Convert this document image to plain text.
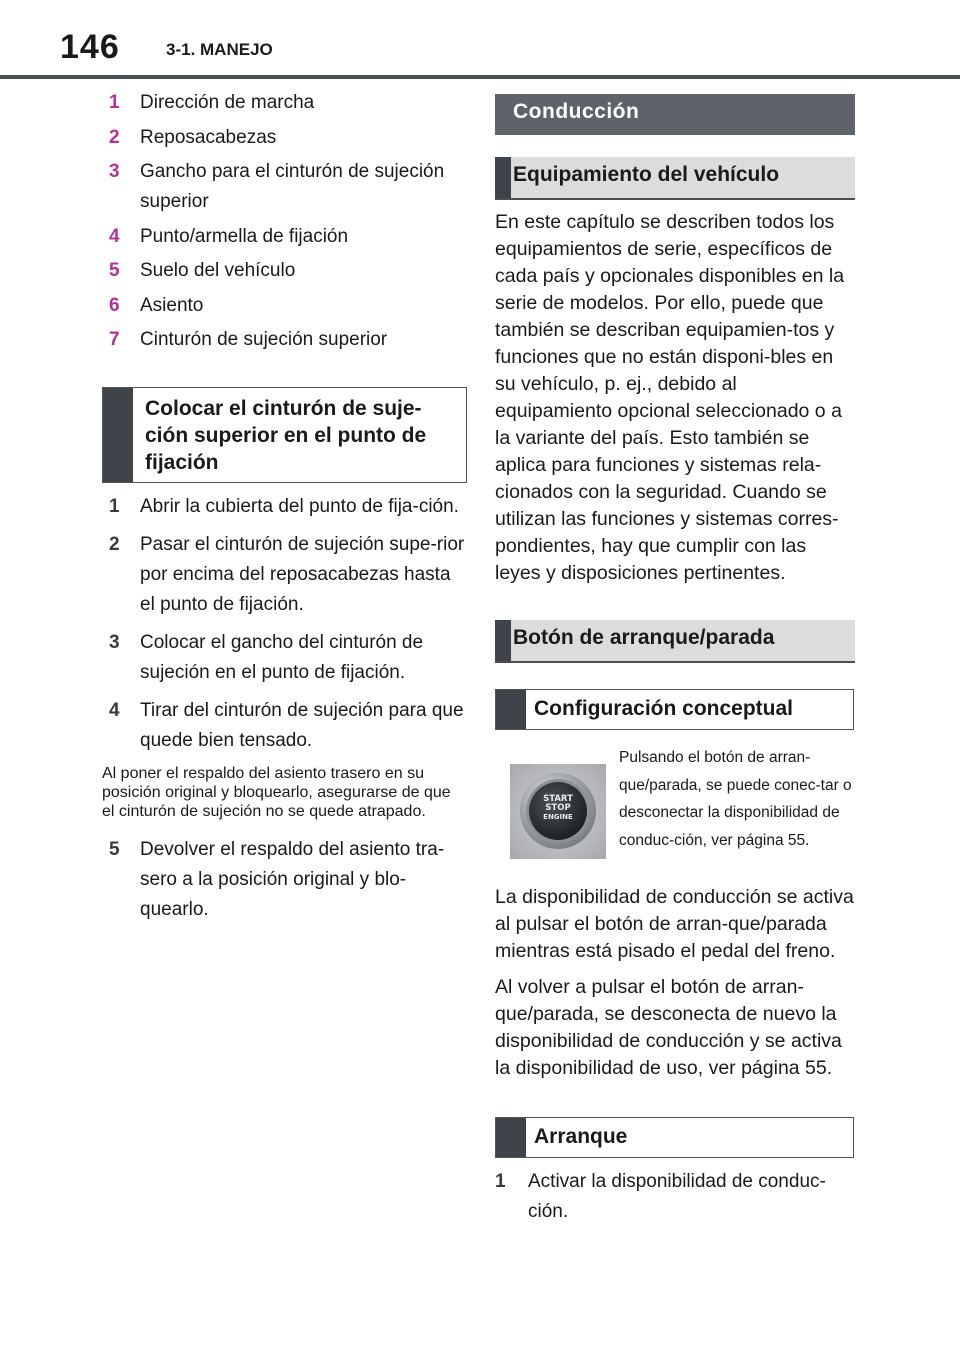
146	3-1. MANEJO
1 Dirección de marcha
2 Reposacabezas
3 Gancho para el cinturón de sujeción superior
4 Punto/armella de fijación
5 Suelo del vehículo
6 Asiento
7 Cinturón de sujeción superior
Colocar el cinturón de suje-ción superior en el punto de fijación
1 Abrir la cubierta del punto de fija-ción.
2 Pasar el cinturón de sujeción supe-rior por encima del reposacabezas hasta el punto de fijación.
3 Colocar el gancho del cinturón de sujeción en el punto de fijación.
4 Tirar del cinturón de sujeción para que quede bien tensado.

Al poner el respaldo del asiento trasero en su posición original y bloquearlo, asegurarse de que el cinturón de sujeción no se quede atrapado.

5 Devolver el respaldo del asiento tra-sero a la posición original y blo-quearlo.
Conducción
Equipamiento del vehículo

En este capítulo se describen todos los equipamientos de serie, específicos de cada país y opcionales disponibles en la serie de modelos. Por ello, puede que también se describan equipamien-tos y funciones que no están disponi-bles en su vehículo, p. ej., debido al equipamiento opcional seleccionado o a la variante del país. Esto también se aplica para funciones y sistemas rela-cionados con la seguridad. Cuando se utilizan las funciones y sistemas corres-pondientes, hay que cumplir con las leyes y disposiciones pertinentes.

Botón de arranque/parada
Configuración conceptual
START
STOP
ENGINE
Pulsando el botón de arran-que/parada, se puede conec-tar o desconectar la disponibilidad de conduc-ción, ver página 55.

La disponibilidad de conducción se activa al pulsar el botón de arran-que/parada mientras está pisado el pedal del freno.

Al volver a pulsar el botón de arran-que/parada, se desconecta de nuevo la disponibilidad de conducción y se activa la disponibilidad de uso, ver página 55.

Arranque
1 Activar la disponibilidad de conduc-ción.
